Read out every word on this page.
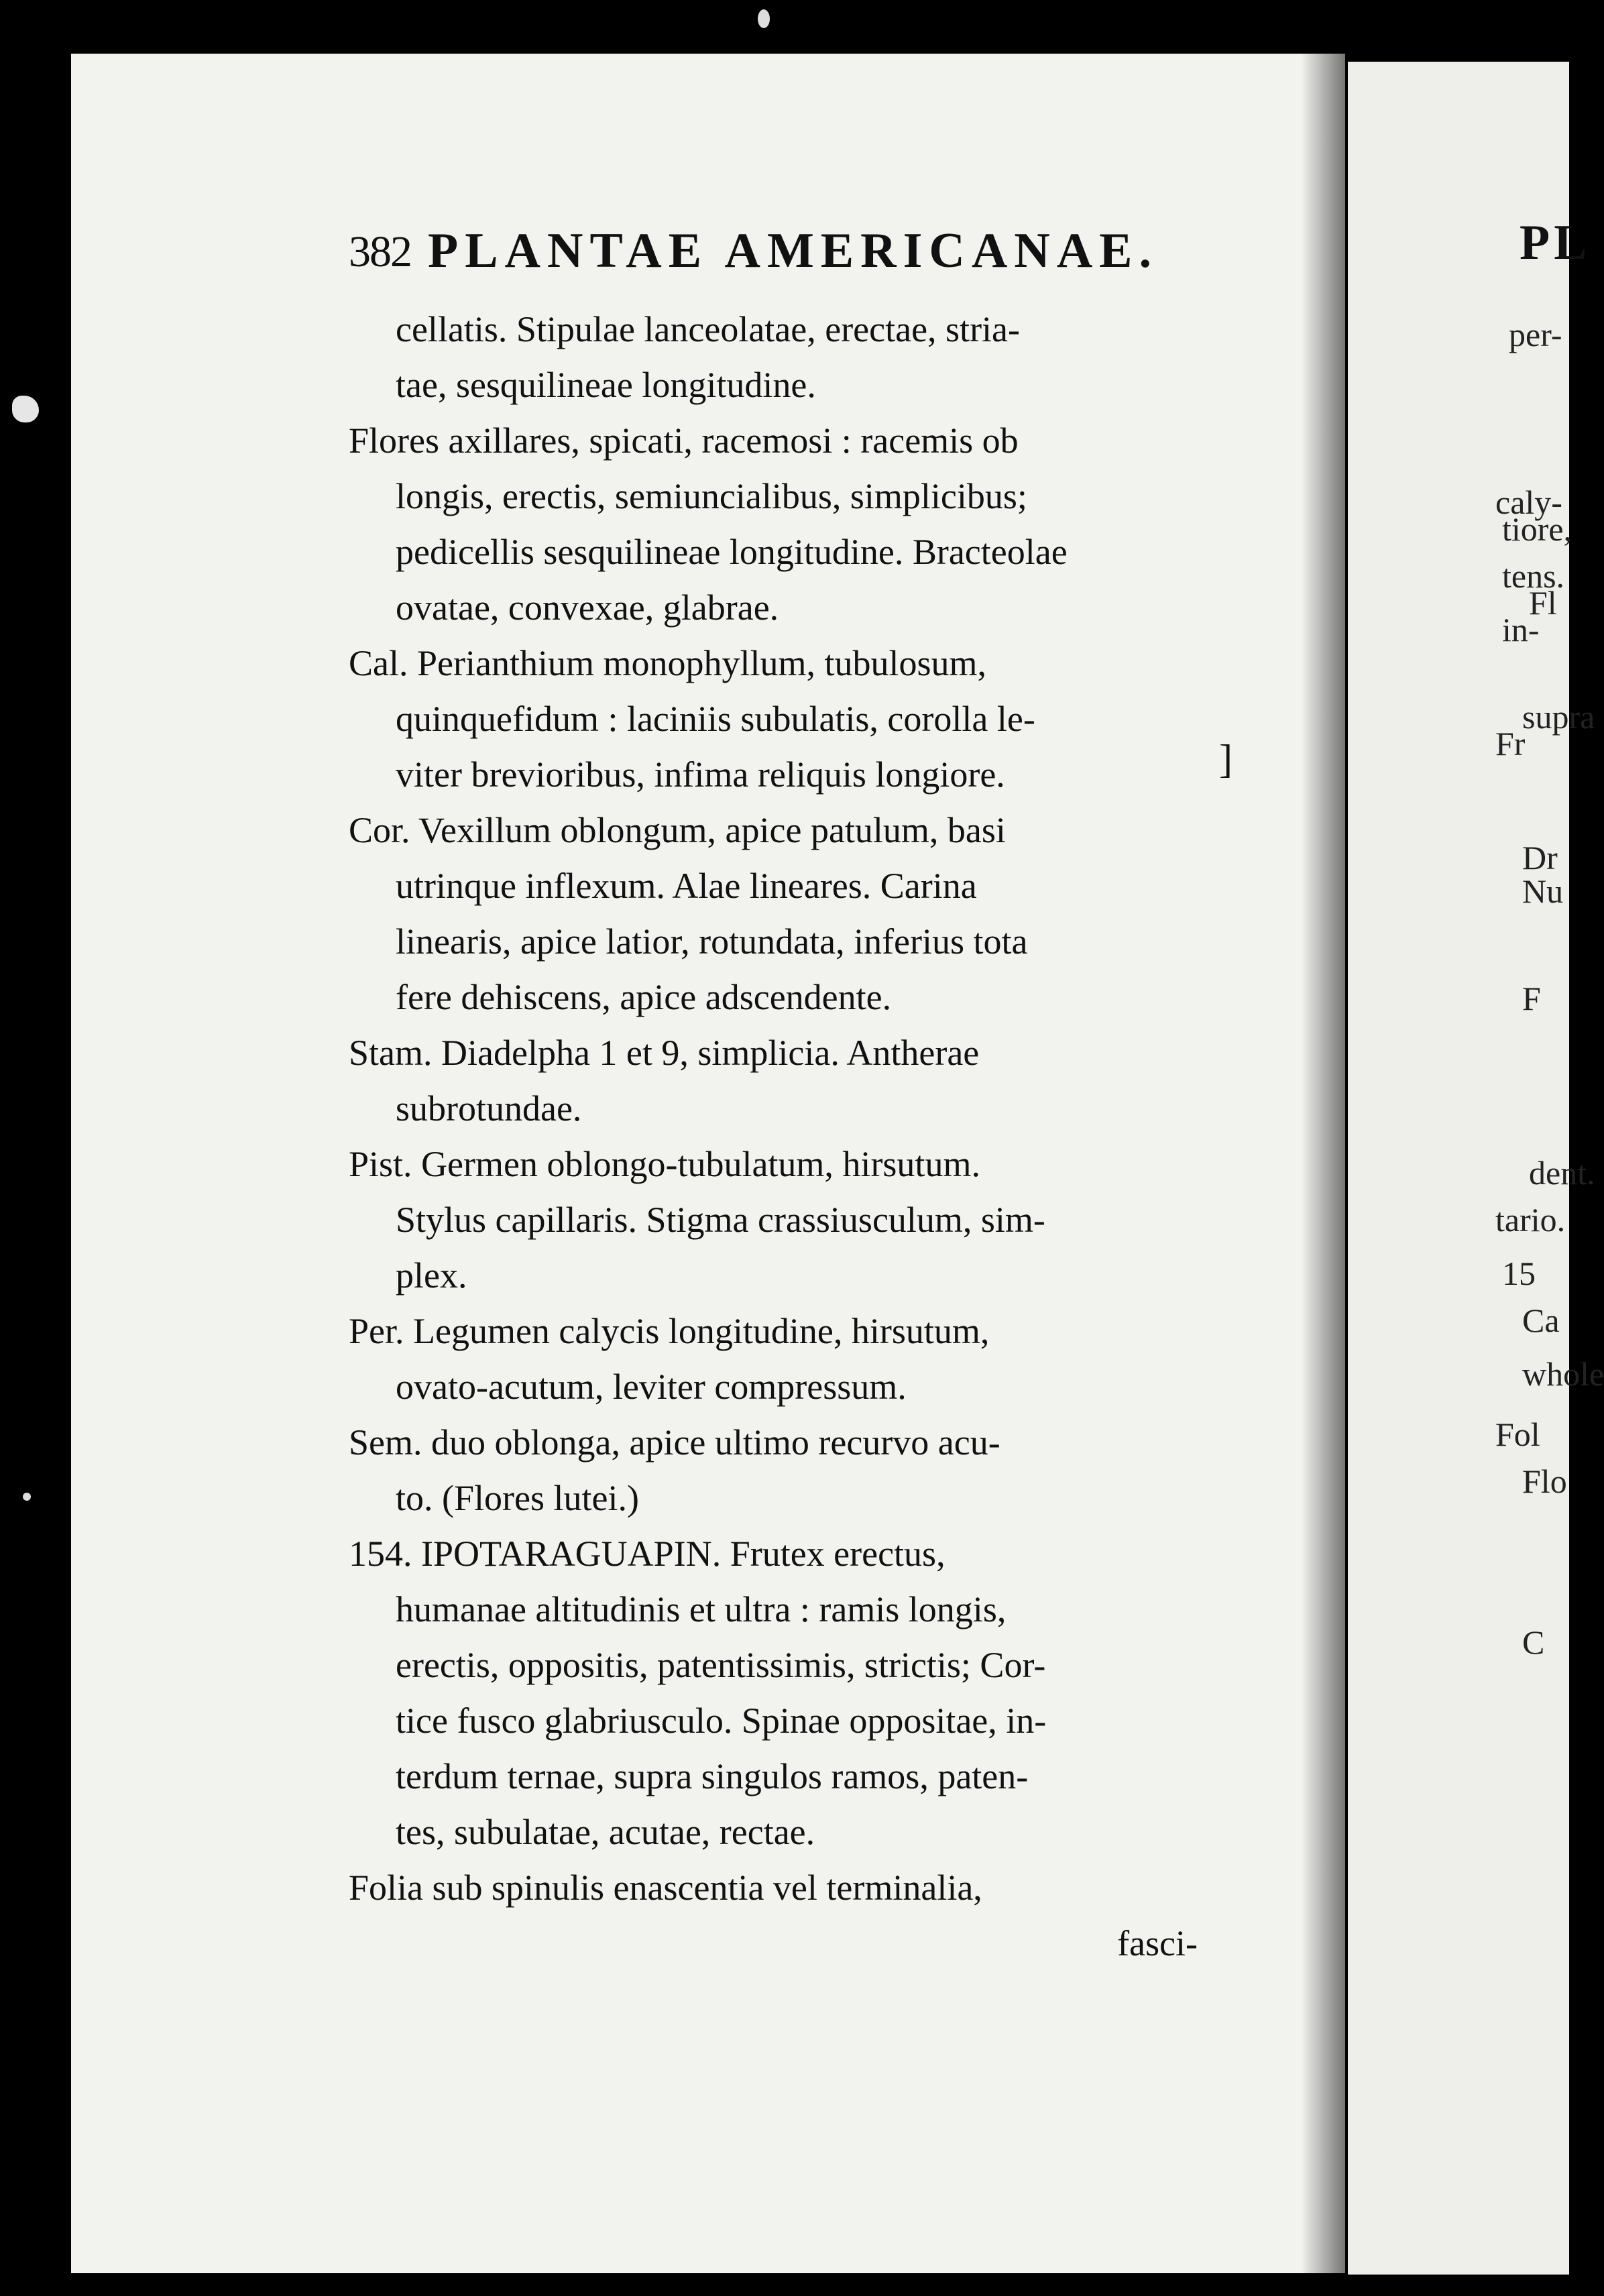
382 PLANTAE AMERICANAE.
cellatis. Stipulae lanceolatae, erectae, stria-
tae, sesquilineae longitudine.
Flores axillares, spicati, racemosi : racemis ob
longis, erectis, semiuncialibus, simplicibus;
pedicellis sesquilineae longitudine. Bracteolae
ovatae, convexae, glabrae.
Cal. Perianthium monophyllum, tubulosum,
quinquefidum : laciniis subulatis, corolla le-
viter brevioribus, infima reliquis longiore.
Cor. Vexillum oblongum, apice patulum, basi
utrinque inflexum. Alae lineares. Carina
linearis, apice latior, rotundata, inferius tota
fere dehiscens, apice adscendente.
Stam. Diadelpha 1 et 9, simplicia. Antherae
subrotundae.
Pist. Germen oblongo-tubulatum, hirsutum.
Stylus capillaris. Stigma crassiusculum, sim-
plex.
Per. Legumen calycis longitudine, hirsutum,
ovato-acutum, leviter compressum.
Sem. duo oblonga, apice ultimo recurvo acu-
to. (Flores lutei.)
154. IPOTARAGUAPIN. Frutex erectus,
humanae altitudinis et ultra : ramis longis,
erectis, oppositis, patentissimis, strictis; Cor-
tice fusco glabriusculo. Spinae oppositae, in-
terdum ternae, supra singulos ramos, paten-
tes, subulatae, acutae, rectae.
Folia sub spinulis enascentia vel terminalia,
fasci-
]
PL
per-
caly-
tiore,
tens.
Fl
in-
supra
Fr
Dr
Nu
F
dent.
tario.
15
Ca
whole
Fol
Flo
C
